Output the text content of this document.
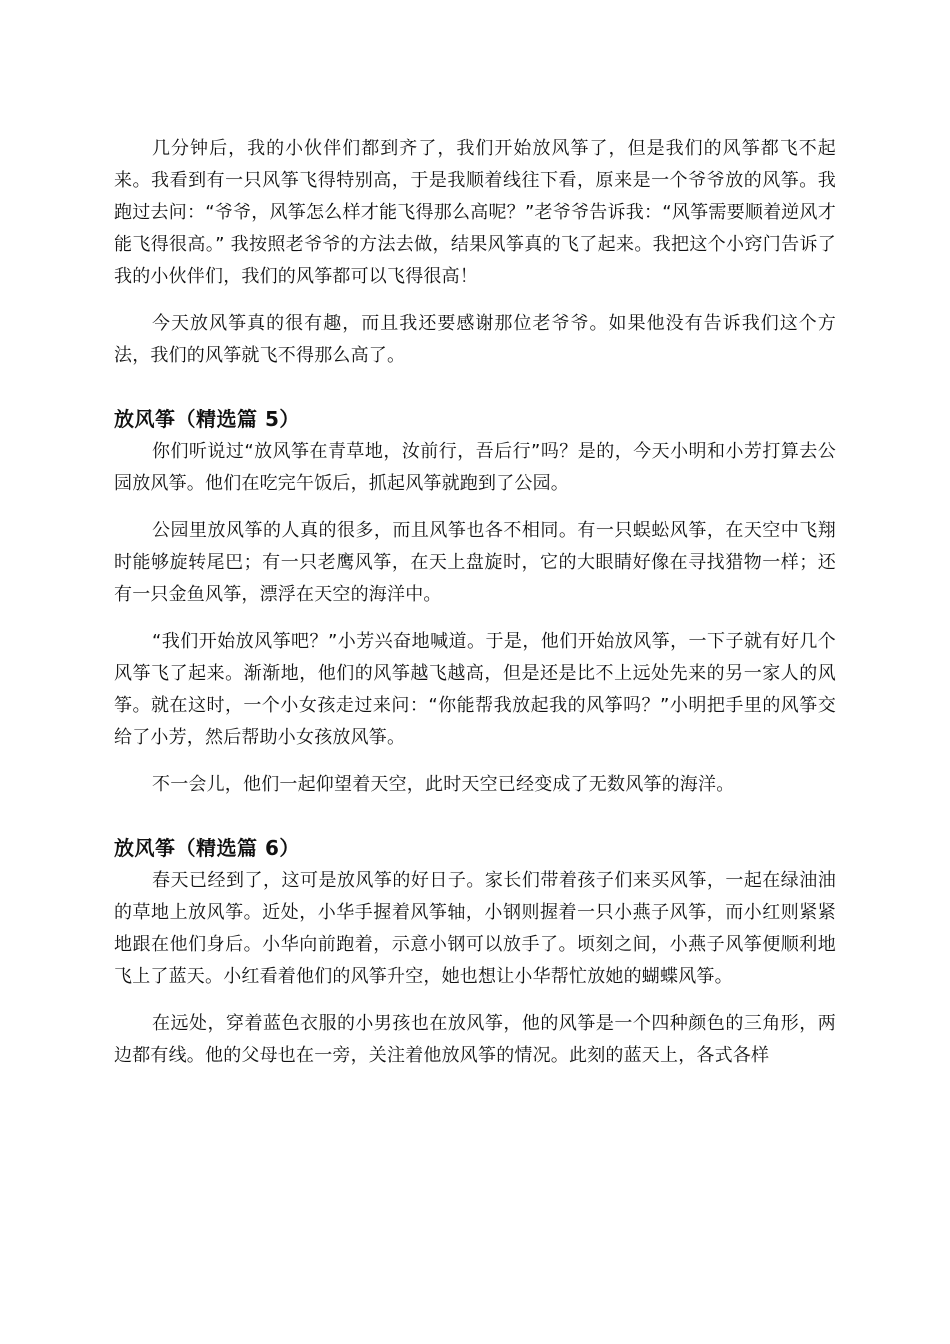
几分钟后，我的小伙伴们都到齐了，我们开始放风筝了，但是我们的风筝都飞不起来。我看到有一只风筝飞得特别高，于是我顺着线往下看，原来是一个爷爷放的风筝。我跑过去问：“爷爷，风筝怎么样才能飞得那么高呢？”老爷爷告诉我：“风筝需要顺着逆风才能飞得很高。” 我按照老爷爷的方法去做，结果风筝真的飞了起来。我把这个小窍门告诉了我的小伙伴们，我们的风筝都可以飞得很高！

今天放风筝真的很有趣，而且我还要感谢那位老爷爷。如果他没有告诉我们这个方法，我们的风筝就飞不得那么高了。

放风筝（精选篇 5）

你们听说过“放风筝在青草地，汝前行，吾后行”吗？是的，今天小明和小芳打算去公园放风筝。他们在吃完午饭后，抓起风筝就跑到了公园。

公园里放风筝的人真的很多，而且风筝也各不相同。有一只蜈蚣风筝，在天空中飞翔时能够旋转尾巴；有一只老鹰风筝，在天上盘旋时，它的大眼睛好像在寻找猎物一样；还有一只金鱼风筝，漂浮在天空的海洋中。

“我们开始放风筝吧？”小芳兴奋地喊道。于是，他们开始放风筝，一下子就有好几个风筝飞了起来。渐渐地，他们的风筝越飞越高，但是还是比不上远处先来的另一家人的风筝。就在这时，一个小女孩走过来问：“你能帮我放起我的风筝吗？”小明把手里的风筝交给了小芳，然后帮助小女孩放风筝。

不一会儿，他们一起仰望着天空，此时天空已经变成了无数风筝的海洋。

放风筝（精选篇 6）

春天已经到了，这可是放风筝的好日子。家长们带着孩子们来买风筝，一起在绿油油的草地上放风筝。近处，小华手握着风筝轴，小钢则握着一只小燕子风筝，而小红则紧紧地跟在他们身后。小华向前跑着，示意小钢可以放手了。顷刻之间，小燕子风筝便顺利地飞上了蓝天。小红看着他们的风筝升空，她也想让小华帮忙放她的蝴蝶风筝。

在远处，穿着蓝色衣服的小男孩也在放风筝，他的风筝是一个四种颜色的三角形，两边都有线。他的父母也在一旁，关注着他放风筝的情况。此刻的蓝天上，各式各样
